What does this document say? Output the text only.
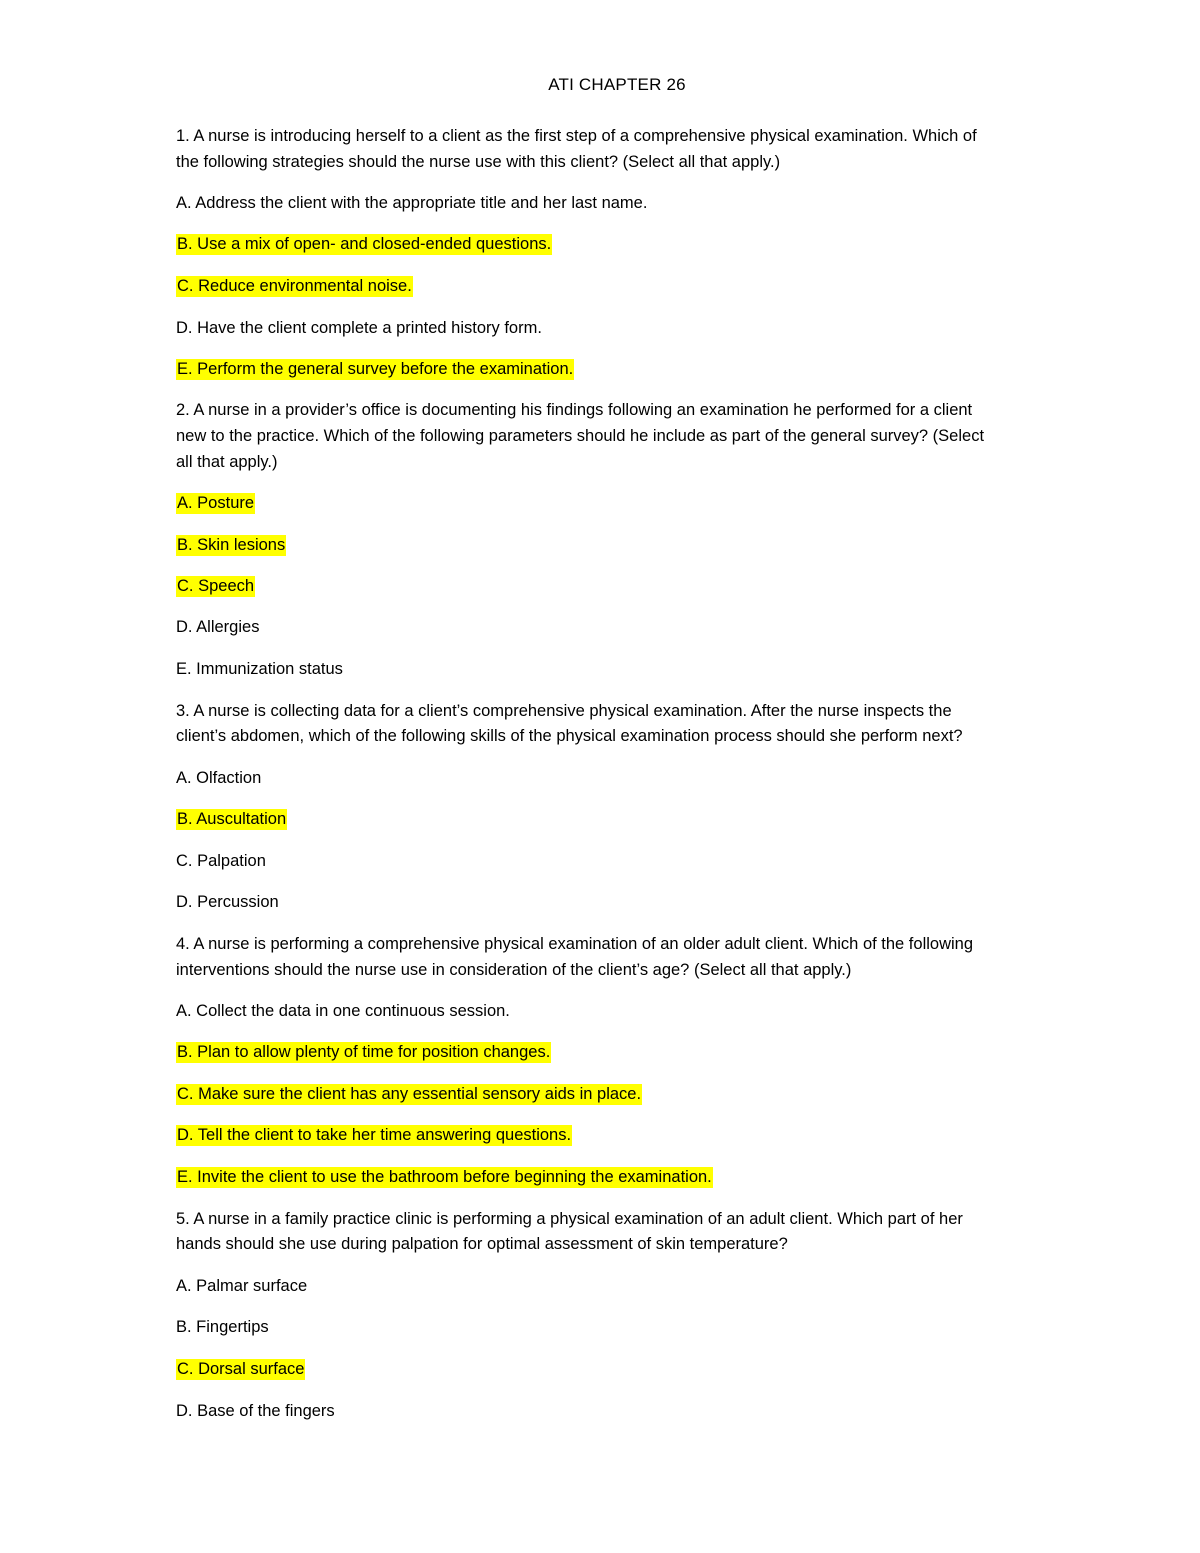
ATI CHAPTER 26
1. A nurse is introducing herself to a client as the first step of a comprehensive physical examination. Which of
the following strategies should the nurse use with this client? (Select all that apply.)
A. Address the client with the appropriate title and her last name.
B. Use a mix of open- and closed-ended questions.
C. Reduce environmental noise.
D. Have the client complete a printed history form.
E. Perform the general survey before the examination.
2. A nurse in a provider’s office is documenting his findings following an examination he performed for a client
new to the practice. Which of the following parameters should he include as part of the general survey? (Select
all that apply.)
A. Posture
B. Skin lesions
C. Speech
D. Allergies
E. Immunization status
3. A nurse is collecting data for a client’s comprehensive physical examination. After the nurse inspects the
client’s abdomen, which of the following skills of the physical examination process should she perform next?
A. Olfaction
B. Auscultation
C. Palpation
D. Percussion
4. A nurse is performing a comprehensive physical examination of an older adult client. Which of the following
interventions should the nurse use in consideration of the client’s age? (Select all that apply.)
A. Collect the data in one continuous session.
B. Plan to allow plenty of time for position changes.
C. Make sure the client has any essential sensory aids in place.
D. Tell the client to take her time answering questions.
E. Invite the client to use the bathroom before beginning the examination.
5. A nurse in a family practice clinic is performing a physical examination of an adult client. Which part of her
hands should she use during palpation for optimal assessment of skin temperature?
A. Palmar surface
B. Fingertips
C. Dorsal surface
D. Base of the fingers
